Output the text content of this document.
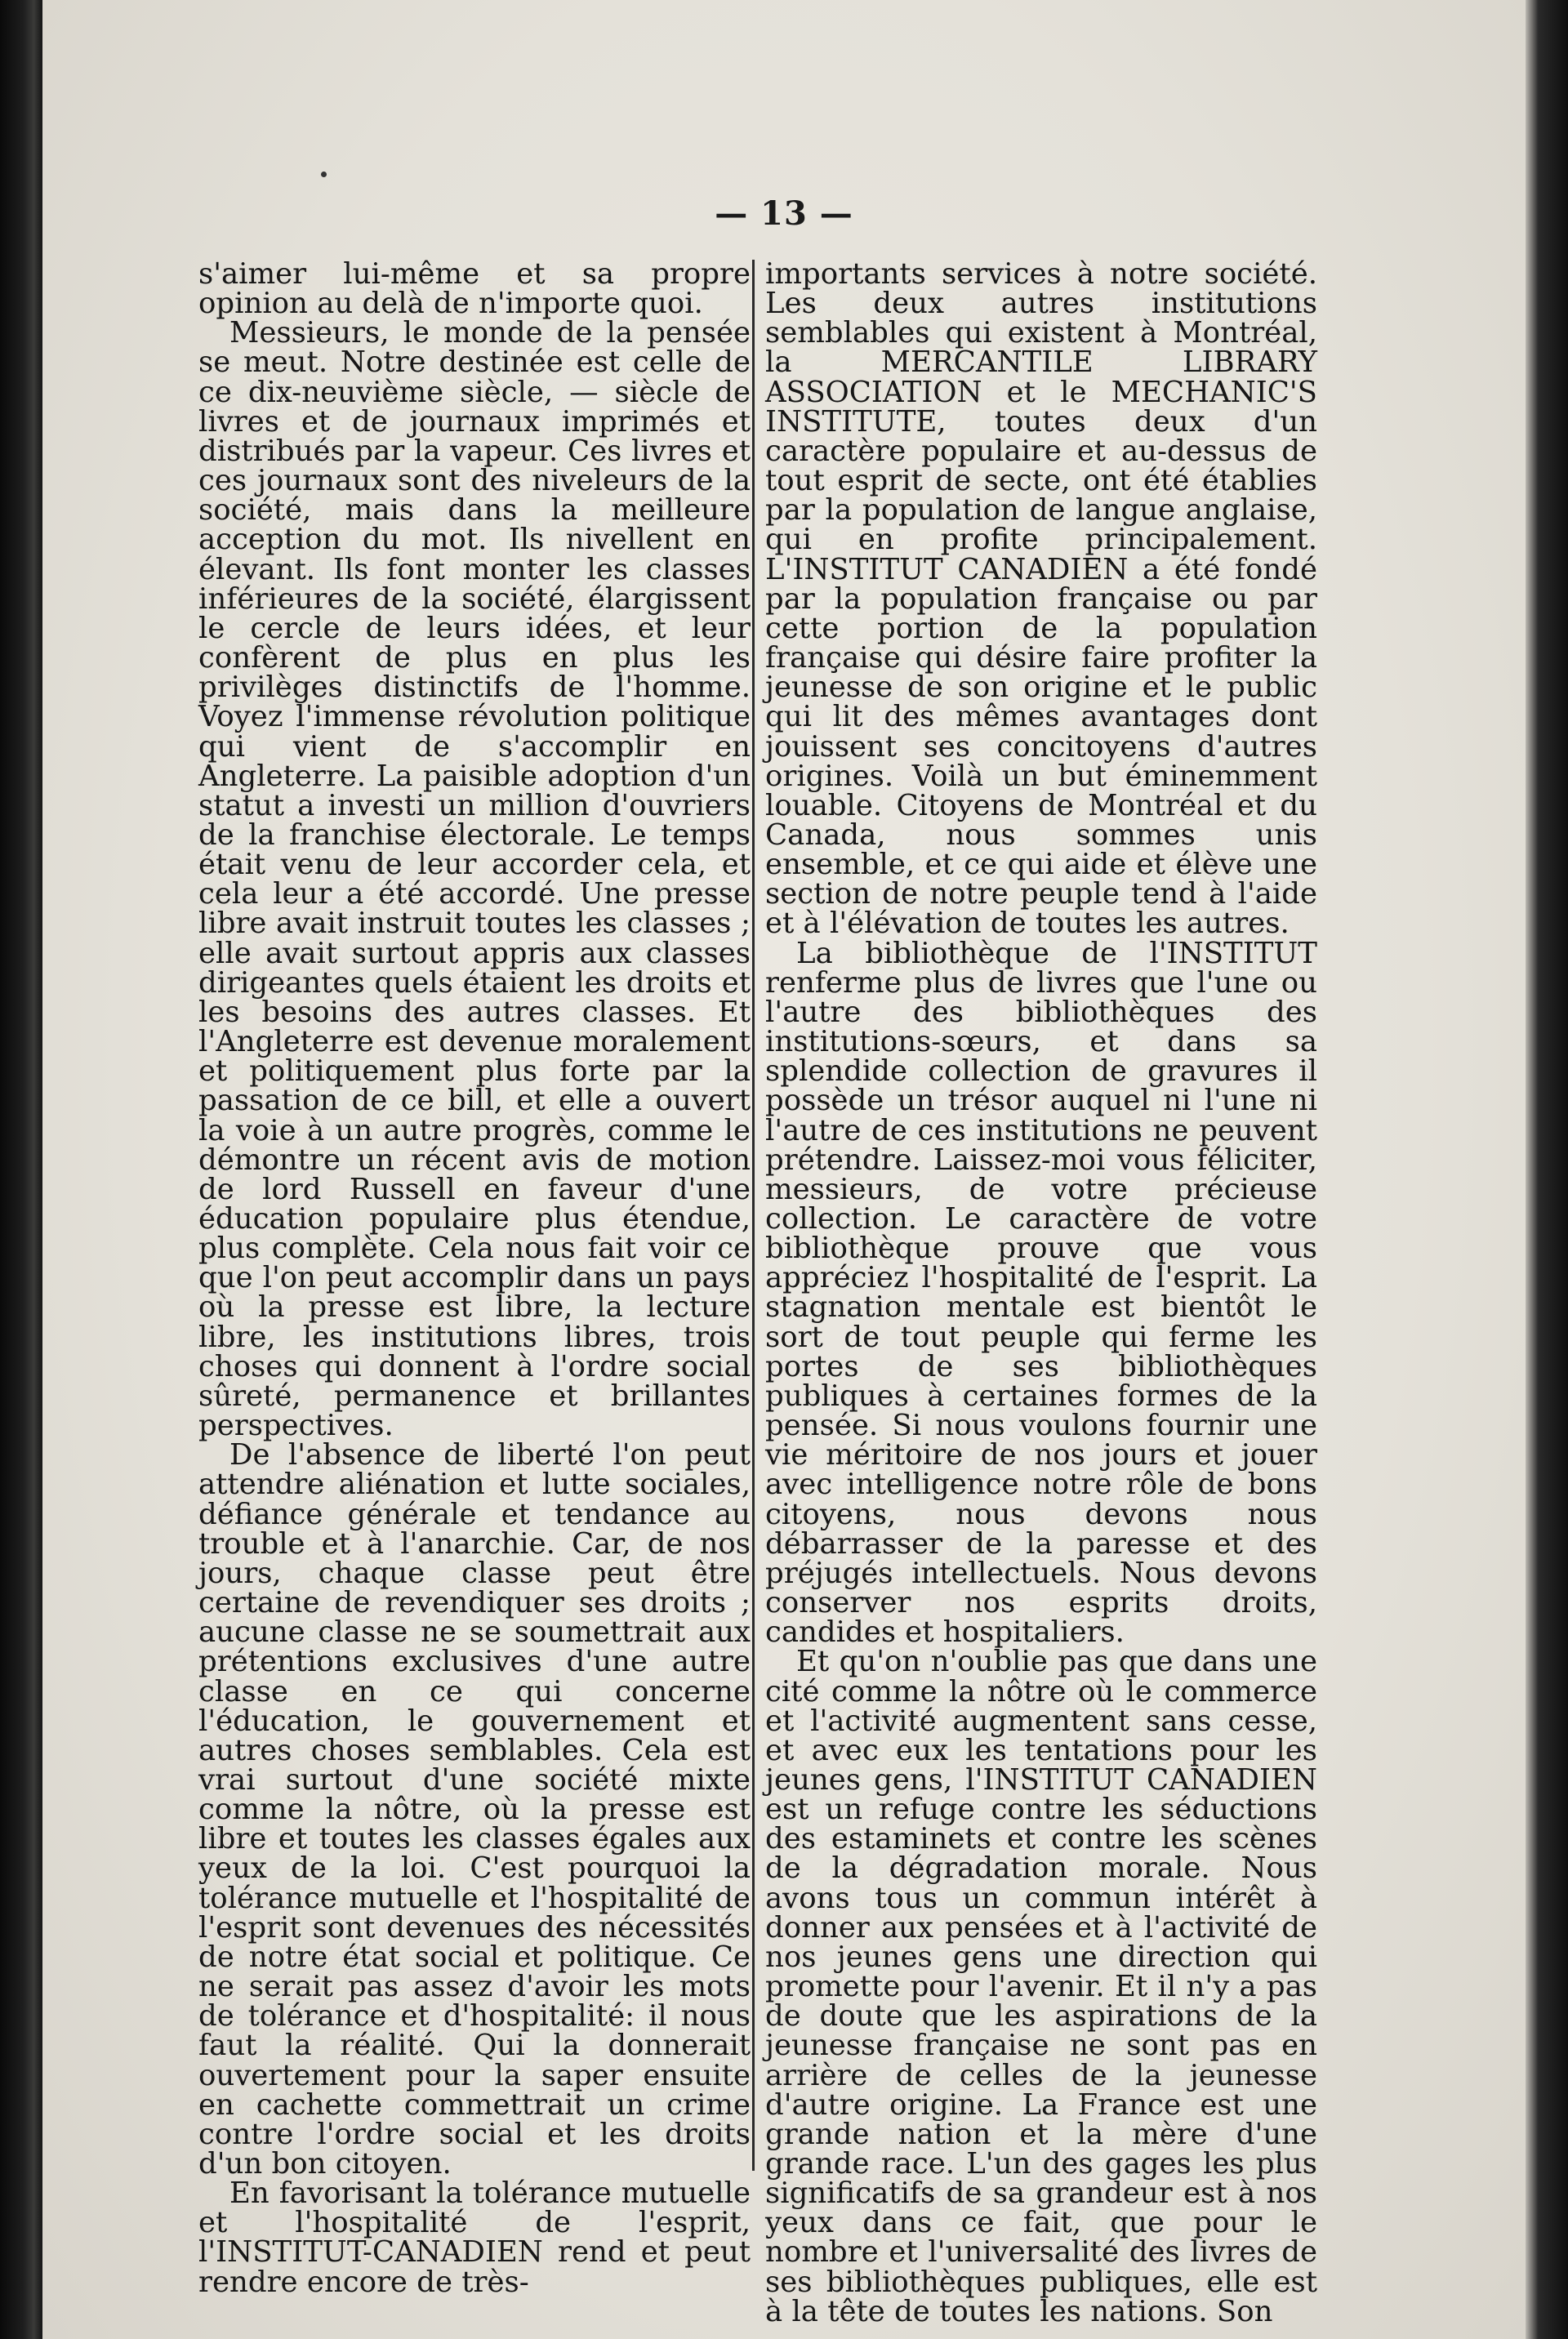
— 13 —

s'aimer lui-même et sa propre opinion au delà de n'importe quoi.

Messieurs, le monde de la pensée se meut. Notre destinée est celle de ce dix-neuvième siècle, — siècle de livres et de journaux imprimés et distribués par la vapeur. Ces livres et ces journaux sont des niveleurs de la société, mais dans la meilleure acception du mot. Ils nivellent en élevant. Ils font monter les classes inférieures de la société, élargissent le cercle de leurs idées, et leur confèrent de plus en plus les privilèges distinctifs de l'homme. Voyez l'immense révolution politique qui vient de s'accomplir en Angleterre. La paisible adoption d'un statut a investi un million d'ouvriers de la franchise électorale. Le temps était venu de leur accorder cela, et cela leur a été accordé. Une presse libre avait instruit toutes les classes ; elle avait surtout appris aux classes dirigeantes quels étaient les droits et les besoins des autres classes. Et l'Angleterre est devenue moralement et politiquement plus forte par la passation de ce bill, et elle a ouvert la voie à un autre progrès, comme le démontre un récent avis de motion de lord Russell en faveur d'une éducation populaire plus étendue, plus complète. Cela nous fait voir ce que l'on peut accomplir dans un pays où la presse est libre, la lecture libre, les institutions libres, trois choses qui donnent à l'ordre social sûreté, permanence et brillantes perspectives.

De l'absence de liberté l'on peut attendre aliénation et lutte sociales, défiance générale et tendance au trouble et à l'anarchie. Car, de nos jours, chaque classe peut être certaine de revendiquer ses droits ; aucune classe ne se soumettrait aux prétentions exclusives d'une autre classe en ce qui concerne l'éducation, le gouvernement et autres choses semblables. Cela est vrai surtout d'une société mixte comme la nôtre, où la presse est libre et toutes les classes égales aux yeux de la loi. C'est pourquoi la tolérance mutuelle et l'hospitalité de l'esprit sont devenues des nécessités de notre état social et politique. Ce ne serait pas assez d'avoir les mots de tolérance et d'hospitalité: il nous faut la réalité. Qui la donnerait ouvertement pour la saper ensuite en cachette commettrait un crime contre l'ordre social et les droits d'un bon citoyen.

En favorisant la tolérance mutuelle et l'hospitalité de l'esprit, l'INSTITUT-CANADIEN rend et peut rendre encore de très-

importants services à notre société. Les deux autres institutions semblables qui existent à Montréal, la MERCANTILE LIBRARY ASSOCIATION et le MECHANIC'S INSTITUTE, toutes deux d'un caractère populaire et au-dessus de tout esprit de secte, ont été établies par la population de langue anglaise, qui en profite principalement. L'INSTITUT CANADIEN a été fondé par la population française ou par cette portion de la population française qui désire faire profiter la jeunesse de son origine et le public qui lit des mêmes avantages dont jouissent ses concitoyens d'autres origines. Voilà un but éminemment louable. Citoyens de Montréal et du Canada, nous sommes unis ensemble, et ce qui aide et élève une section de notre peuple tend à l'aide et à l'élévation de toutes les autres.

La bibliothèque de l'INSTITUT renferme plus de livres que l'une ou l'autre des bibliothèques des institutions-sœurs, et dans sa splendide collection de gravures il possède un trésor auquel ni l'une ni l'autre de ces institutions ne peuvent prétendre. Laissez-moi vous féliciter, messieurs, de votre précieuse collection. Le caractère de votre bibliothèque prouve que vous appréciez l'hospitalité de l'esprit. La stagnation mentale est bientôt le sort de tout peuple qui ferme les portes de ses bibliothèques publiques à certaines formes de la pensée. Si nous voulons fournir une vie méritoire de nos jours et jouer avec intelligence notre rôle de bons citoyens, nous devons nous débarrasser de la paresse et des préjugés intellectuels. Nous devons conserver nos esprits droits, candides et hospitaliers.

Et qu'on n'oublie pas que dans une cité comme la nôtre où le commerce et l'activité augmentent sans cesse, et avec eux les tentations pour les jeunes gens, l'INSTITUT CANADIEN est un refuge contre les séductions des estaminets et contre les scènes de la dégradation morale. Nous avons tous un commun intérêt à donner aux pensées et à l'activité de nos jeunes gens une direction qui promette pour l'avenir. Et il n'y a pas de doute que les aspirations de la jeunesse française ne sont pas en arrière de celles de la jeunesse d'autre origine. La France est une grande nation et la mère d'une grande race. L'un des gages les plus significatifs de sa grandeur est à nos yeux dans ce fait, que pour le nombre et l'universalité des livres de ses bibliothèques publiques, elle est à la tête de toutes les nations. Son
